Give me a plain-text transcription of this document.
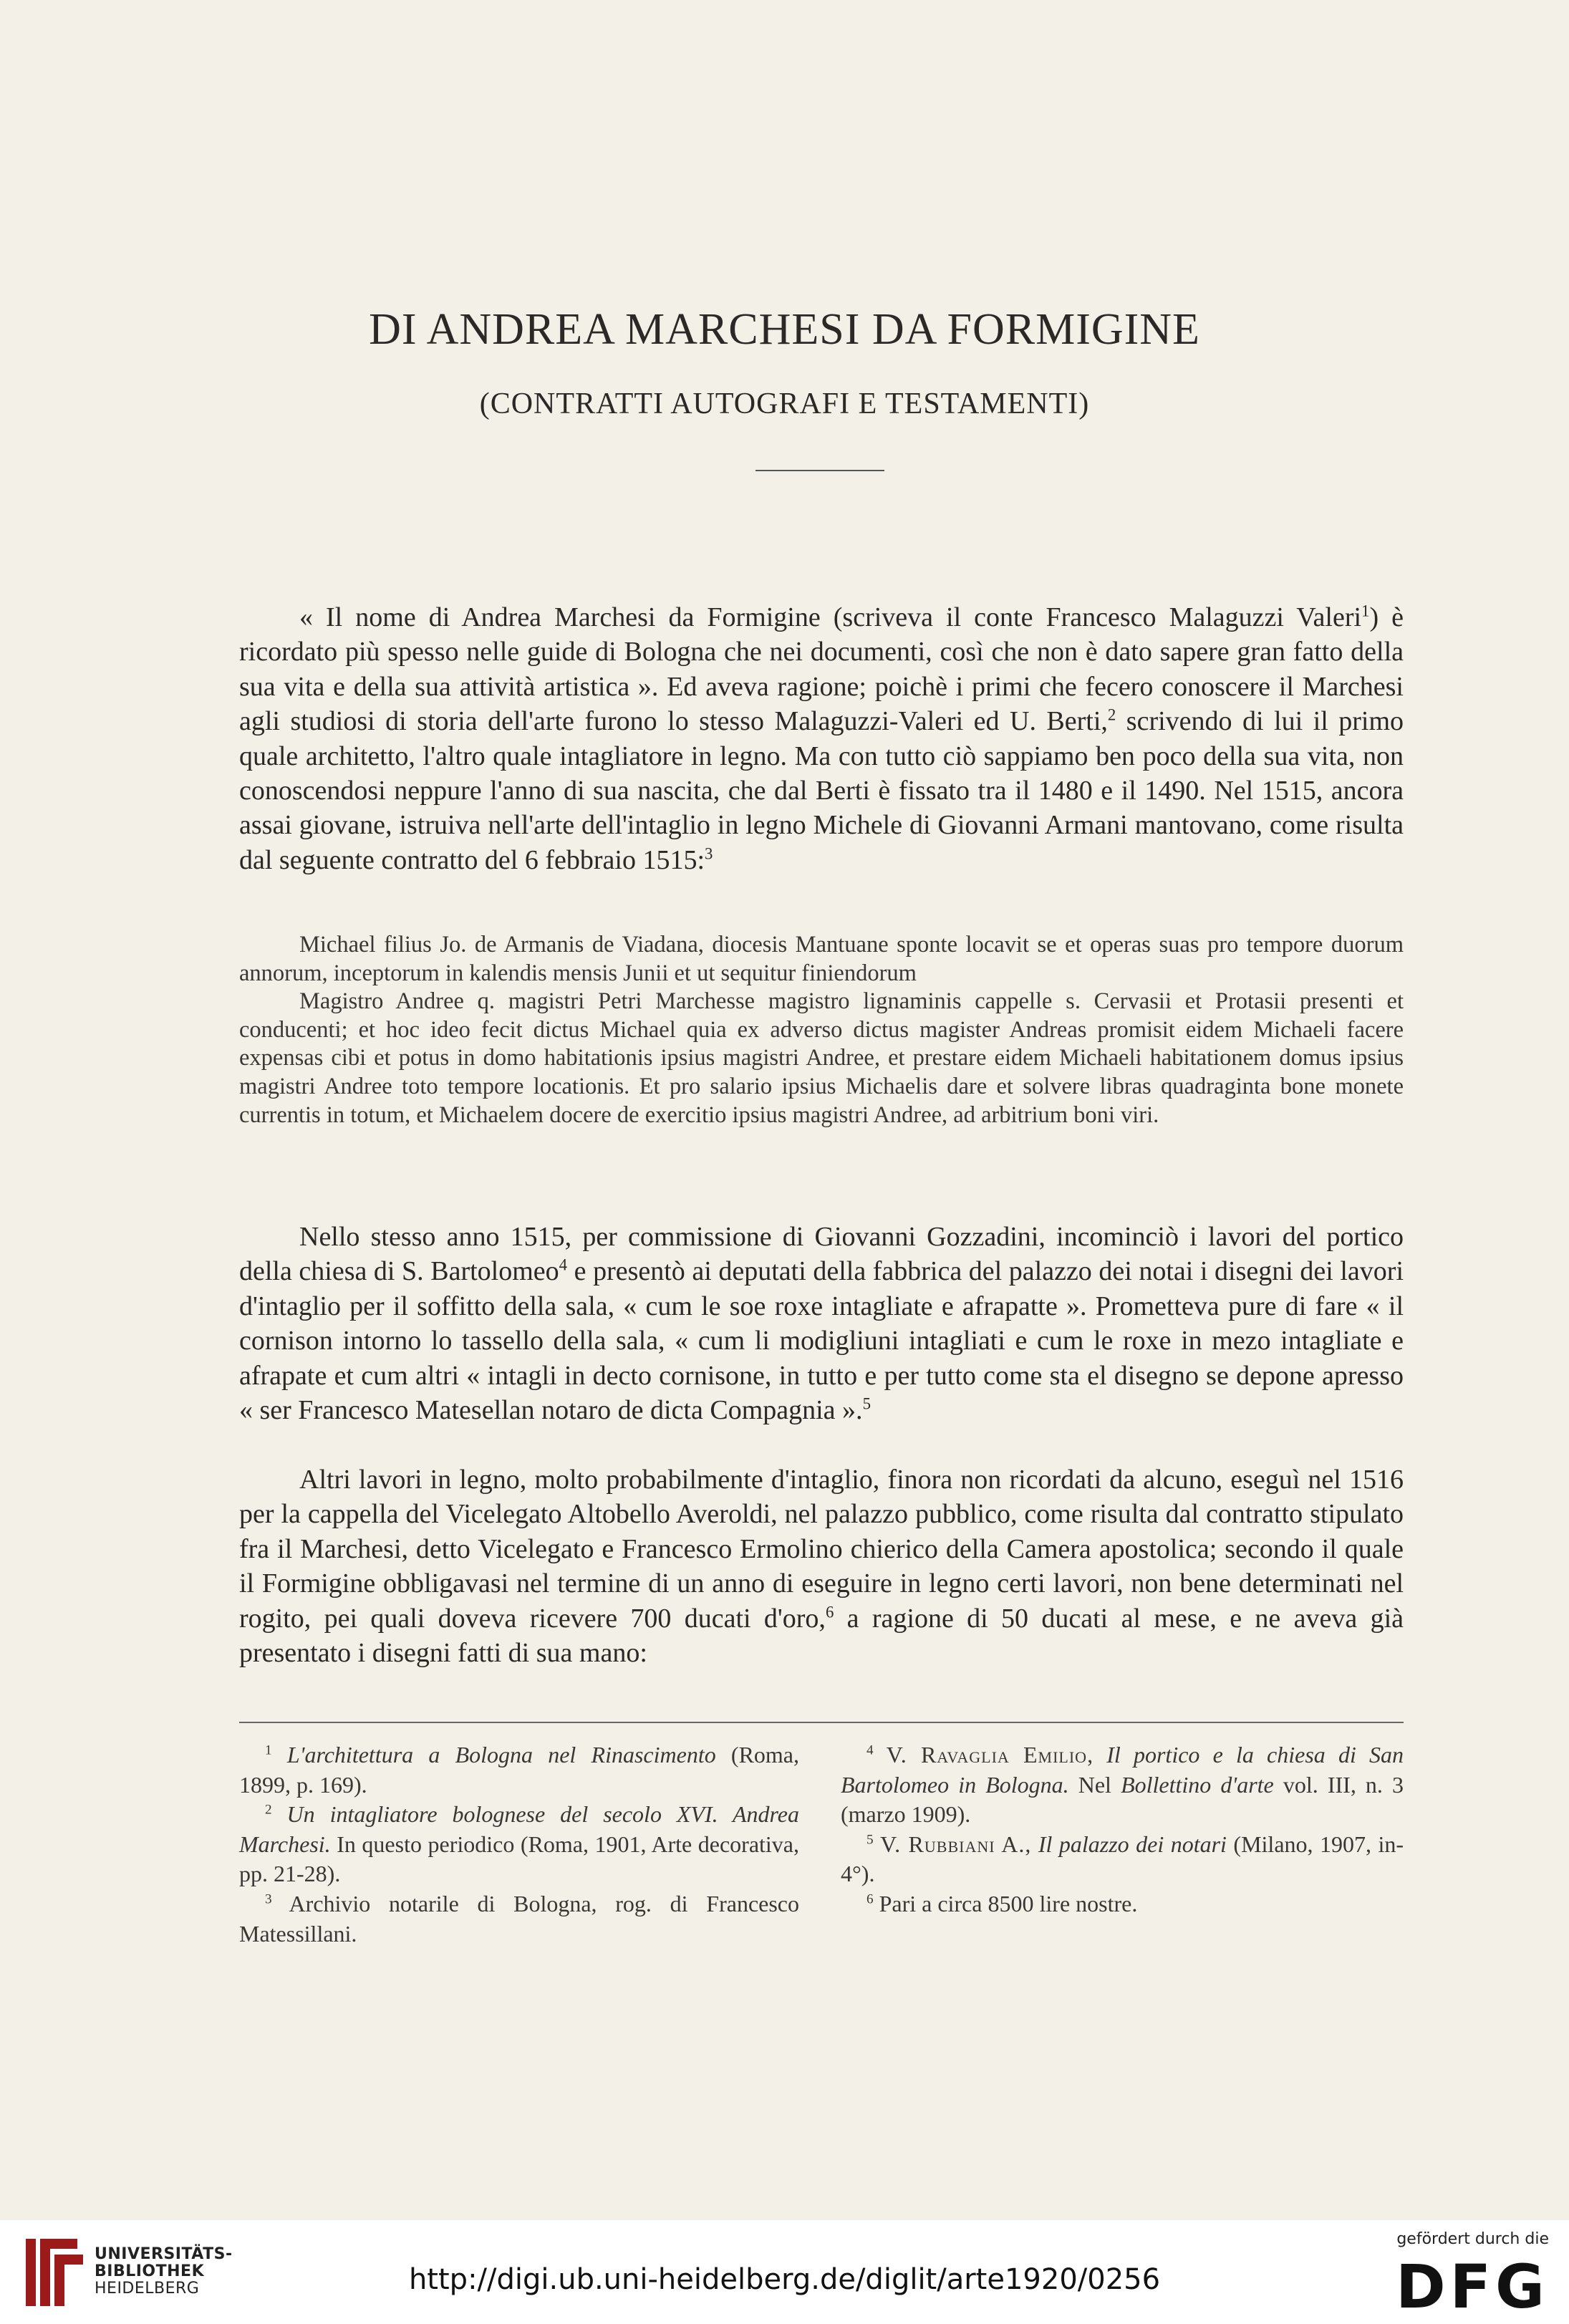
DI ANDREA MARCHESI DA FORMIGINE
(CONTRATTI AUTOGRAFI E TESTAMENTI)

« Il nome di Andrea Marchesi da Formigine (scriveva il conte Francesco Malaguzzi Valeri$^1$) è ricordato più spesso nelle guide di Bologna che nei documenti, così che non è dato sapere gran fatto della sua vita e della sua attività artistica ». Ed aveva ragione; poichè i primi che fecero conoscere il Marchesi agli studiosi di storia dell'arte furono lo stesso Malaguzzi-Valeri ed U. Berti,$^2$ scrivendo di lui il primo quale architetto, l'altro quale intagliatore in legno. Ma con tutto ciò sappiamo ben poco della sua vita, non conoscendosi neppure l'anno di sua nascita, che dal Berti è fissato tra il 1480 e il 1490. Nel 1515, ancora assai giovane, istruiva nell'arte dell'intaglio in legno Michele di Giovanni Armani mantovano, come risulta dal seguente contratto del 6 febbraio 1515:$^3$

Michael filius Jo. de Armanis de Viadana, diocesis Mantuane sponte locavit se et operas suas pro tempore duorum annorum, inceptorum in kalendis mensis Junii et ut sequitur finiendorum

Magistro Andree q. magistri Petri Marchesse magistro lignaminis cappelle s. Cervasii et Protasii presenti et conducenti; et hoc ideo fecit dictus Michael quia ex adverso dictus magister Andreas promisit eidem Michaeli facere expensas cibi et potus in domo habitationis ipsius magistri Andree, et prestare eidem Michaeli habitationem domus ipsius magistri Andree toto tempore locationis. Et pro salario ipsius Michaelis dare et solvere libras quadraginta bone monete currentis in totum, et Michaelem docere de exercitio ipsius magistri Andree, ad arbitrium boni viri.

Nello stesso anno 1515, per commissione di Giovanni Gozzadini, incominciò i lavori del portico della chiesa di S. Bartolomeo$^4$ e presentò ai deputati della fabbrica del palazzo dei notai i disegni dei lavori d'intaglio per il soffitto della sala, « cum le soe roxe intagliate e afrapatte ». Prometteva pure di fare « il cornison intorno lo tassello della sala, « cum li modigliuni intagliati e cum le roxe in mezo intagliate e afrapate et cum altri « intagli in decto cornisone, in tutto e per tutto come sta el disegno se depone apresso « ser Francesco Matesellan notaro de dicta Compagnia ».$^5$

Altri lavori in legno, molto probabilmente d'intaglio, finora non ricordati da alcuno, eseguì nel 1516 per la cappella del Vicelegato Altobello Averoldi, nel palazzo pubblico, come risulta dal contratto stipulato fra il Marchesi, detto Vicelegato e Francesco Ermolino chierico della Camera apostolica; secondo il quale il Formigine obbligavasi nel termine di un anno di eseguire in legno certi lavori, non bene determinati nel rogito, pei quali doveva ricevere 700 ducati d'oro,$^6$ a ragione di 50 ducati al mese, e ne aveva già presentato i disegni fatti di sua mano:

$^1$ L'architettura a Bologna nel Rinascimento (Roma, 1899, p. 169).

$^2$ Un intagliatore bolognese del secolo XVI. Andrea Marchesi. In questo periodico (Roma, 1901, Arte decorativa, pp. 21-28).

$^3$ Archivio notarile di Bologna, rog. di Francesco Matessillani.

$^4$ V. Ravaglia Emilio, Il portico e la chiesa di San Bartolomeo in Bologna. Nel Bollettino d'arte vol. III, n. 3 (marzo 1909).

$^5$ V. Rubbiani A., Il palazzo dei notari (Milano, 1907, in-4°).

$^6$ Pari a circa 8500 lire nostre.

UNIVERSITÄTS-
BIBLIOTHEK
HEIDELBERG	http://digi.ub.uni-heidelberg.de/diglit/arte1920/0256
gefördert durch die
DFG
